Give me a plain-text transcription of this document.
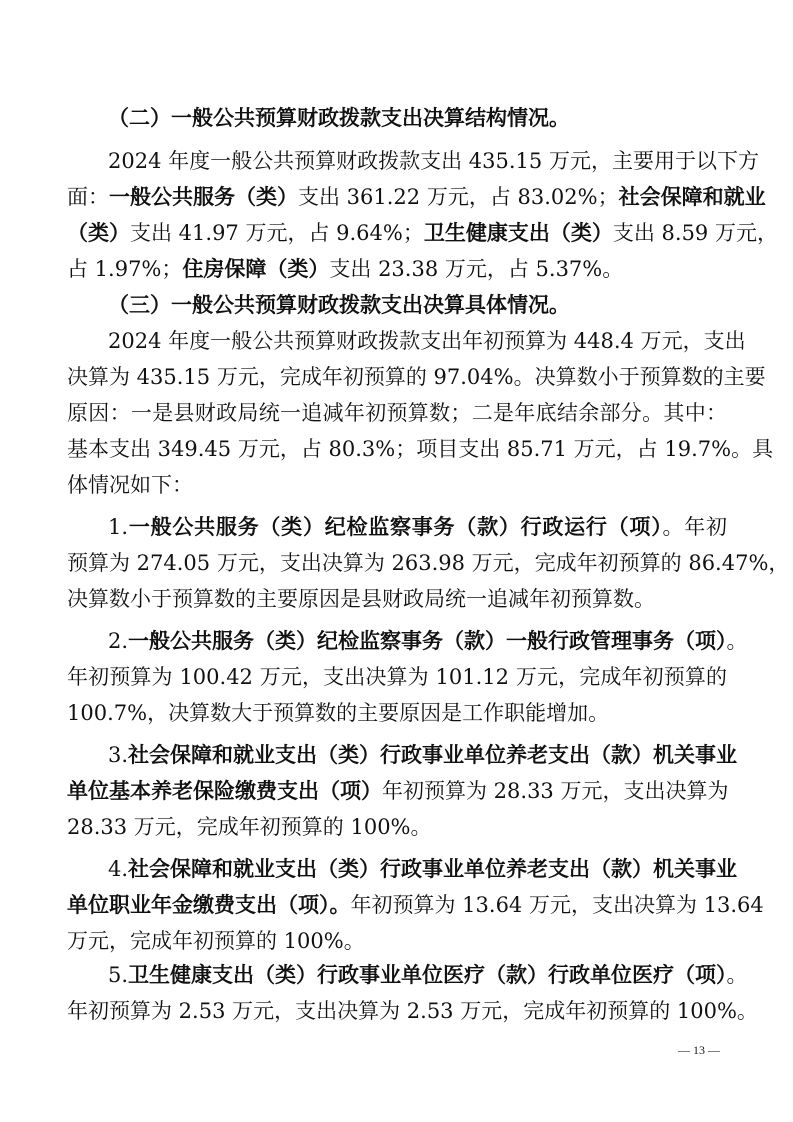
（二）一般公共预算财政拨款支出决算结构情况。
2024 年度一般公共预算财政拨款支出 435.15 万元，主要用于以下方
面：一般公共服务（类）支出 361.22 万元，占 83.02%；社会保障和就业
（类）支出 41.97 万元，占 9.64%；卫生健康支出（类）支出 8.59 万元，
占 1.97%；住房保障（类）支出 23.38 万元，占 5.37%。
（三）一般公共预算财政拨款支出决算具体情况。
2024 年度一般公共预算财政拨款支出年初预算为 448.4 万元，支出
决算为 435.15 万元，完成年初预算的 97.04%。决算数小于预算数的主要
原因：一是县财政局统一追减年初预算数；二是年底结余部分。其中：
基本支出 349.45 万元，占 80.3%；项目支出 85.71 万元，占 19.7%。具
体情况如下：
1.一般公共服务（类）纪检监察事务（款）行政运行（项）。年初
预算为 274.05 万元，支出决算为 263.98 万元，完成年初预算的 86.47%，
决算数小于预算数的主要原因是县财政局统一追减年初预算数。
2.一般公共服务（类）纪检监察事务（款）一般行政管理事务（项）。
年初预算为 100.42 万元，支出决算为 101.12 万元，完成年初预算的
100.7%，决算数大于预算数的主要原因是工作职能增加。
3.社会保障和就业支出（类）行政事业单位养老支出（款）机关事业
单位基本养老保险缴费支出（项）年初预算为 28.33 万元，支出决算为
28.33 万元，完成年初预算的 100%。
4.社会保障和就业支出（类）行政事业单位养老支出（款）机关事业
单位职业年金缴费支出（项）。年初预算为 13.64 万元，支出决算为 13.64
万元，完成年初预算的 100%。
5.卫生健康支出（类）行政事业单位医疗（款）行政单位医疗（项）。
年初预算为 2.53 万元，支出决算为 2.53 万元，完成年初预算的 100%。
— 13 —
